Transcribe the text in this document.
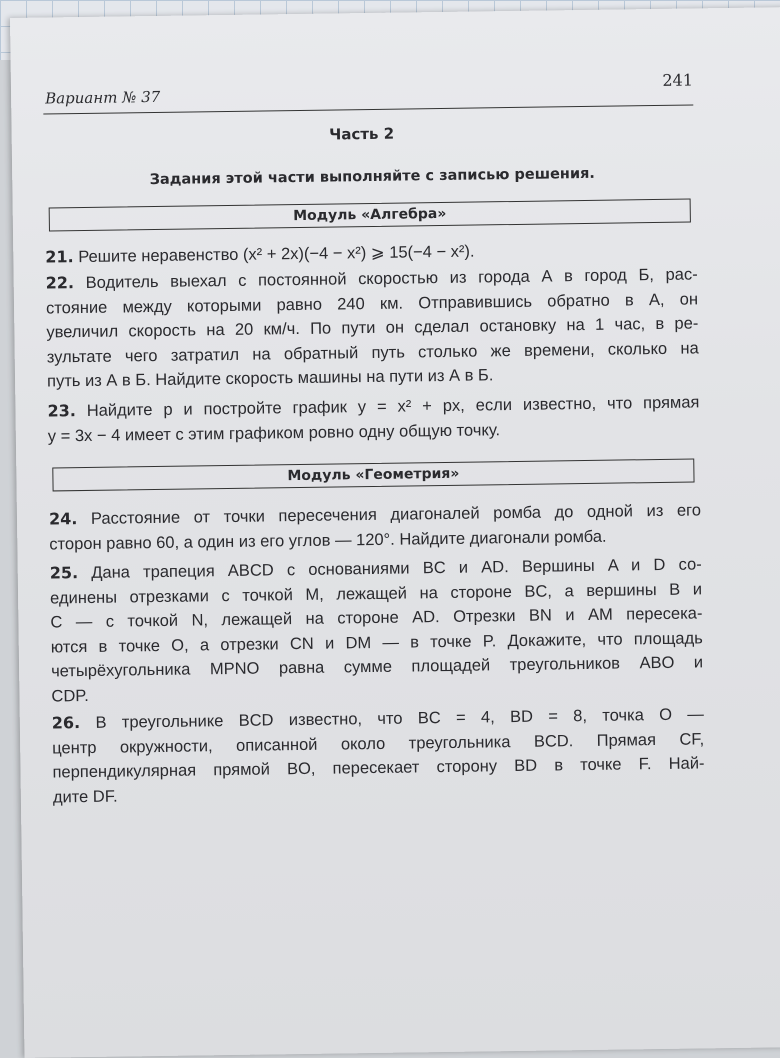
Вариант № 37
241
Часть 2
Задания этой части выполняйте с записью решения.
Модуль «Алгебра»
21. Решите неравенство (x² + 2x)(−4 − x²) ⩾ 15(−4 − x²).
22. Водитель выехал с постоянной скоростью из города А в город Б, рас-
стояние между которыми равно 240 км. Отправившись обратно в А, он
увеличил скорость на 20 км/ч. По пути он сделал остановку на 1 час, в ре-
зультате чего затратил на обратный путь столько же времени, сколько на
путь из А в Б. Найдите скорость машины на пути из А в Б.
23. Найдите p и постройте график y = x² + px, если известно, что прямая
y = 3x − 4 имеет с этим графиком ровно одну общую точку.
Модуль «Геометрия»
24. Расстояние от точки пересечения диагоналей ромба до одной из его
сторон равно 60, а один из его углов — 120°. Найдите диагонали ромба.
25. Дана трапеция ABCD с основаниями BC и AD. Вершины A и D со-
единены отрезками с точкой M, лежащей на стороне BC, а вершины B и
C — с точкой N, лежащей на стороне AD. Отрезки BN и AM пересека-
ются в точке O, а отрезки CN и DM — в точке P. Докажите, что площадь
четырёхугольника MPNO равна сумме площадей треугольников ABO и
CDP.
26. В треугольнике BCD известно, что BC = 4, BD = 8, точка O —
центр окружности, описанной около треугольника BCD. Прямая CF,
перпендикулярная прямой BO, пересекает сторону BD в точке F. Най-
дите DF.
